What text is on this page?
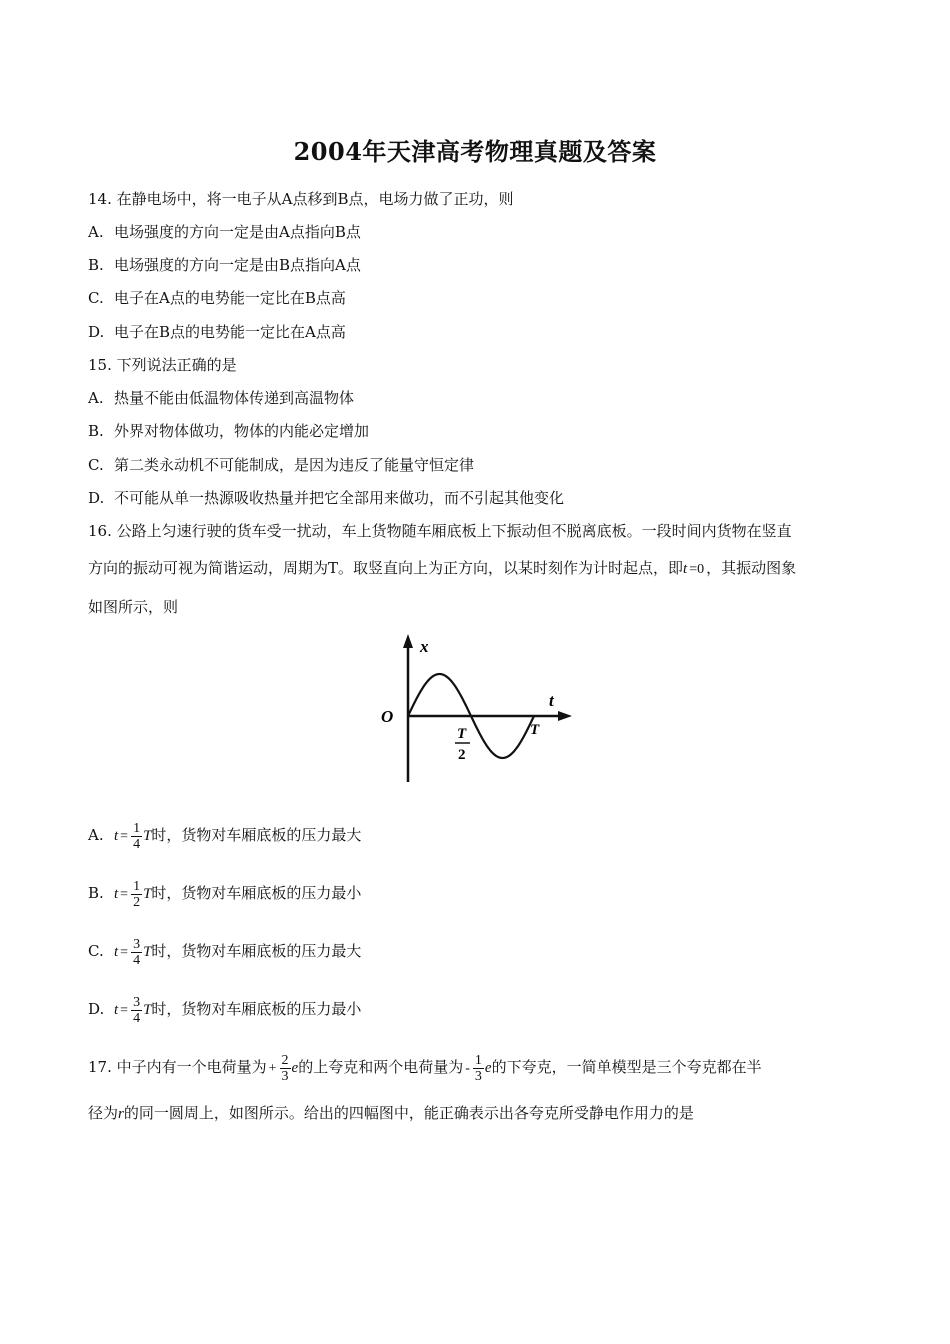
2004年天津高考物理真题及答案
14. 在静电场中，将一电子从A点移到B点，电场力做了正功，则
A. 电场强度的方向一定是由A点指向B点
B. 电场强度的方向一定是由B点指向A点
C. 电子在A点的电势能一定比在B点高
D. 电子在B点的电势能一定比在A点高
15. 下列说法正确的是
A. 热量不能由低温物体传递到高温物体
B. 外界对物体做功，物体的内能必定增加
C. 第二类永动机不可能制成，是因为违反了能量守恒定律
D. 不可能从单一热源吸收热量并把它全部用来做功，而不引起其他变化
16. 公路上匀速行驶的货车受一扰动，车上货物随车厢底板上下振动但不脱离底板。一段时间内货物在竖直
方向的振动可视为简谐运动，周期为T。取竖直向上为正方向，以某时刻作为计时起点，即t =0 ，其振动图象
如图所示，则
x
t
O
T
2
T
A. $t = \frac{1}{4}$ T时，货物对车厢底板的压力最大
B. $t = \frac{1}{2}$ T时，货物对车厢底板的压力最小
C. $t = \frac{3}{4}$ T时，货物对车厢底板的压力最大
D. $t = \frac{3}{4}$ T时，货物对车厢底板的压力最小
17. 中子内有一个电荷量为 + $\frac{2}{3}$ e的上夸克和两个电荷量为 - $\frac{1}{3}$ e的下夸克，一简单模型是三个夸克都在半
径为r的同一圆周上，如图所示。给出的四幅图中，能正确表示出各夸克所受静电作用力的是
